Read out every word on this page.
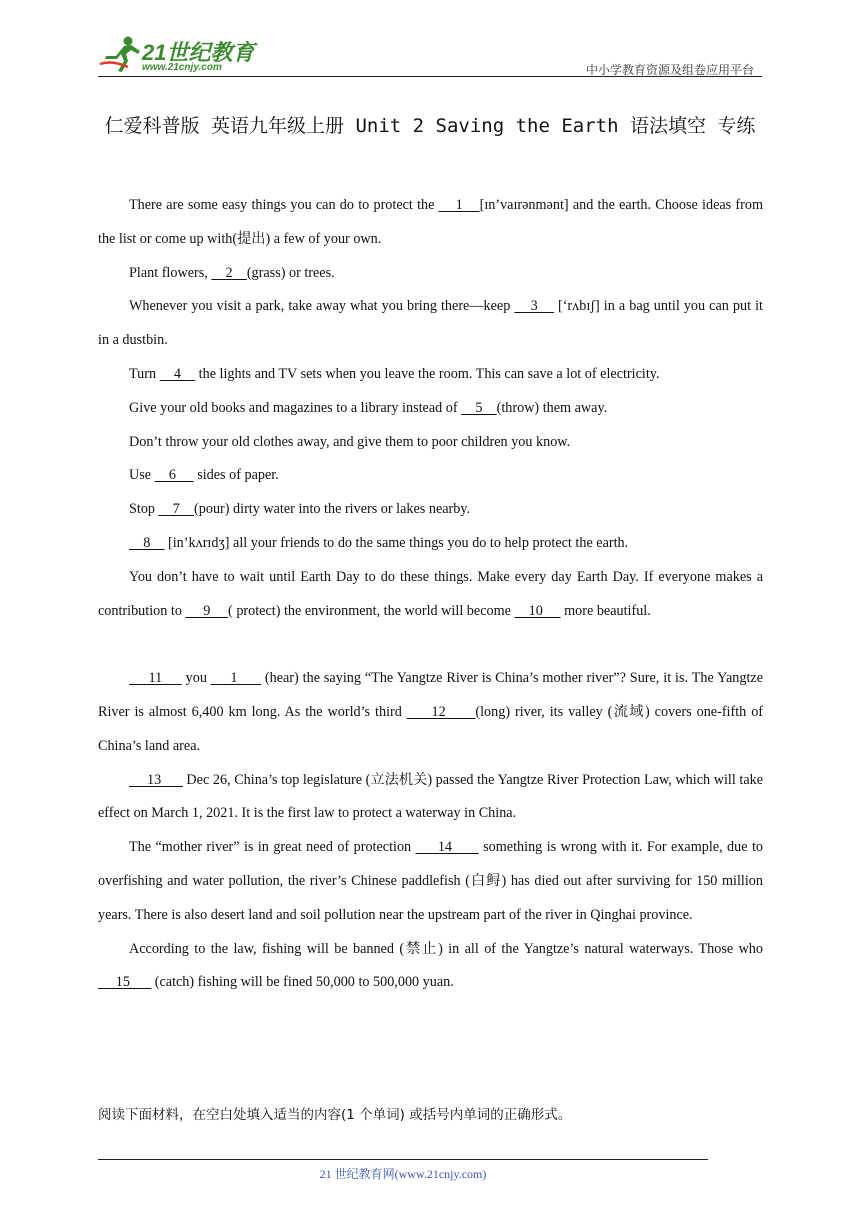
21世纪教育
www.21cnjy.com	中小学教育资源及组卷应用平台
仁爱科普版 英语九年级上册 Unit 2 Saving the Earth 语法填空 专练

There are some easy things you can do to protect the     1    [ɪn’vaɪrənmənt] and the earth. Choose ideas from the list or come up with(提出) a few of your own.

Plant flowers,     2    (grass) or trees.

Whenever you visit a park, take away what you bring there—keep     3     [‘rʌbɪʃ] in a bag until you can put it in a dustbin.

Turn     4     the lights and TV sets when you leave the room. This can save a lot of electricity.

Give your old books and magazines to a library instead of     5    (throw) them away.

Don’t throw your old clothes away, and give them to poor children you know.

Use     6      sides of paper.

Stop     7    (pour) dirty water into the rivers or lakes nearby.

8     [in’kʌrɪdʒ] all your friends to do the same things you do to help protect the earth.

You don’t have to wait until Earth Day to do these things. Make every day Earth Day. If everyone makes a contribution to      9     ( protect) the environment, the world will become     10      more beautiful.

11      you      1       (hear) the saying “The Yangtze River is China’s mother river”? Sure, it is. The Yangtze River is almost 6,400 km long. As the world’s third      12      (long) river, its valley (流域) covers one-fifth of China’s land area.

13       Dec 26, China’s top legislature (立法机关) passed the Yangtze River Protection Law, which will take effect on March 1, 2021. It is the first law to protect a waterway in China.

The “mother river” is in great need of protection      14       something is wrong with it. For example, due to overfishing and water pollution, the river’s Chinese paddlefish (白鲟) has died out after surviving for 150 million years. There is also desert land and soil pollution near the upstream part of the river in Qinghai province.

According to the law, fishing will be banned (禁止) in all of the Yangtze’s natural waterways. Those who      15       (catch) fishing will be fined 50,000 to 500,000 yuan.

阅读下面材料，在空白处填入适当的内容(1 个单词) 或括号内单词的正确形式。
21 世纪教育网(www.21cnjy.com)
